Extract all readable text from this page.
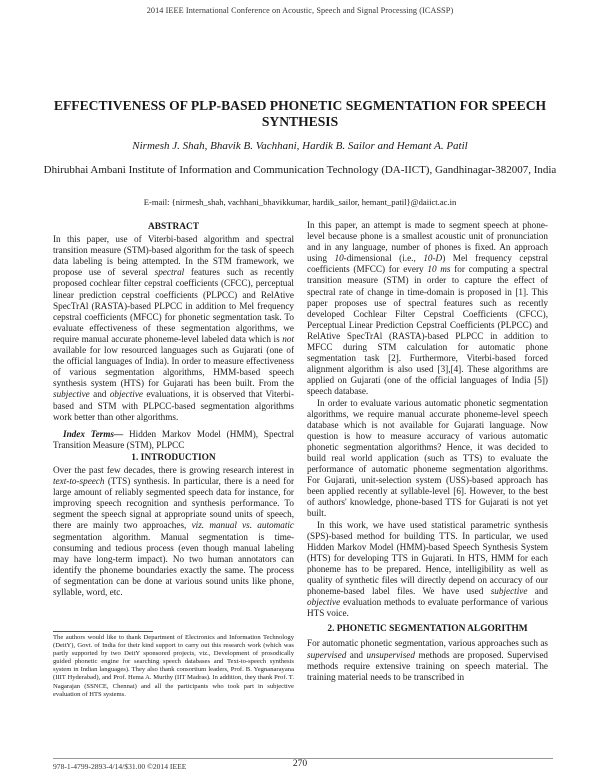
2014 IEEE International Conference on Acoustic, Speech and Signal Processing (ICASSP)
EFFECTIVENESS OF PLP-BASED PHONETIC SEGMENTATION FOR SPEECH SYNTHESIS
Nirmesh J. Shah, Bhavik B. Vachhani, Hardik B. Sailor and Hemant A. Patil
Dhirubhai Ambani Institute of Information and Communication Technology (DA-IICT), Gandhinagar-382007, India
E-mail: {nirmesh_shah, vachhani_bhavikkumar, hardik_sailor, hemant_patil}@daiict.ac.in
ABSTRACT

In this paper, use of Viterbi-based algorithm and spectral transition measure (STM)-based algorithm for the task of speech data labeling is being attempted. In the STM framework, we propose use of several spectral features such as recently proposed cochlear filter cepstral coefficients (CFCC), perceptual linear prediction cepstral coefficients (PLPCC) and RelAtive SpecTrAl (RASTA)-based PLPCC in addition to Mel frequency cepstral coefficients (MFCC) for phonetic segmentation task. To evaluate effectiveness of these segmentation algorithms, we require manual accurate phoneme-level labeled data which is not available for low resourced languages such as Gujarati (one of the official languages of India). In order to measure effectiveness of various segmentation algorithms, HMM-based speech synthesis system (HTS) for Gujarati has been built. From the subjective and objective evaluations, it is observed that Viterbi-based and STM with PLPCC-based segmentation algorithms work better than other algorithms.

Index Terms— Hidden Markov Model (HMM), Spectral Transition Measure (STM), PLPCC

1. INTRODUCTION

Over the past few decades, there is growing research interest in text-to-speech (TTS) synthesis. In particular, there is a need for large amount of reliably segmented speech data for instance, for improving speech recognition and synthesis performance. To segment the speech signal at appropriate sound units of speech, there are mainly two approaches, viz. manual vs. automatic segmentation algorithm. Manual segmentation is time-consuming and tedious process (even though manual labeling may have long-term impact). No two human annotators can identify the phoneme boundaries exactly the same. The process of segmentation can be done at various sound units like phone, syllable, word, etc.

The authors would like to thank Department of Electronics and Information Technology (DeitY), Govt. of India for their kind support to carry out this research work (which was partly supported by two DeitY sponsored projects, viz., Development of prosodically guided phonetic engine for searching speech databases and Text-to-speech synthesis system in Indian languages). They also thank consortium leaders, Prof. B. Yegnanarayana (IIIT Hyderabad), and Prof. Hema A. Murthy (IIT Madras). In addition, they thank Prof. T. Nagarajan (SSNCE, Chennai) and all the participants who took part in subjective evaluation of HTS systems.

In this paper, an attempt is made to segment speech at phone-level because phone is a smallest acoustic unit of pronunciation and in any language, number of phones is fixed. An approach using 10-dimensional (i.e., 10-D) Mel frequency cepstral coefficients (MFCC) for every 10 ms for computing a spectral transition measure (STM) in order to capture the effect of spectral rate of change in time-domain is proposed in [1]. This paper proposes use of spectral features such as recently developed Cochlear Filter Cepstral Coefficients (CFCC), Perceptual Linear Prediction Cepstral Coefficients (PLPCC) and RelAtive SpecTrAl (RASTA)-based PLPCC in addition to MFCC during STM calculation for automatic phone segmentation task [2]. Furthermore, Viterbi-based forced alignment algorithm is also used [3],[4]. These algorithms are applied on Gujarati (one of the official languages of India [5]) speech database.

In order to evaluate various automatic phonetic segmentation algorithms, we require manual accurate phoneme-level speech database which is not available for Gujarati language. Now question is how to measure accuracy of various automatic phonetic segmentation algorithms? Hence, it was decided to build real world application (such as TTS) to evaluate the performance of automatic phoneme segmentation algorithms. For Gujarati, unit-selection system (USS)-based approach has been applied recently at syllable-level [6]. However, to the best of authors' knowledge, phone-based TTS for Gujarati is not yet built.

In this work, we have used statistical parametric synthesis (SPS)-based method for building TTS. In particular, we used Hidden Markov Model (HMM)-based Speech Synthesis System (HTS) for developing TTS in Gujarati. In HTS, HMM for each phoneme has to be prepared. Hence, intelligibility as well as quality of synthetic files will directly depend on accuracy of our phoneme-based label files. We have used subjective and objective evaluation methods to evaluate performance of various HTS voice.

2. PHONETIC SEGMENTATION ALGORITHM

For automatic phonetic segmentation, various approaches such as supervised and unsupervised methods are proposed. Supervised methods require extensive training on speech material. The training material needs to be transcribed in

978-1-4799-2893-4/14/$31.00 ©2014 IEEE	270
